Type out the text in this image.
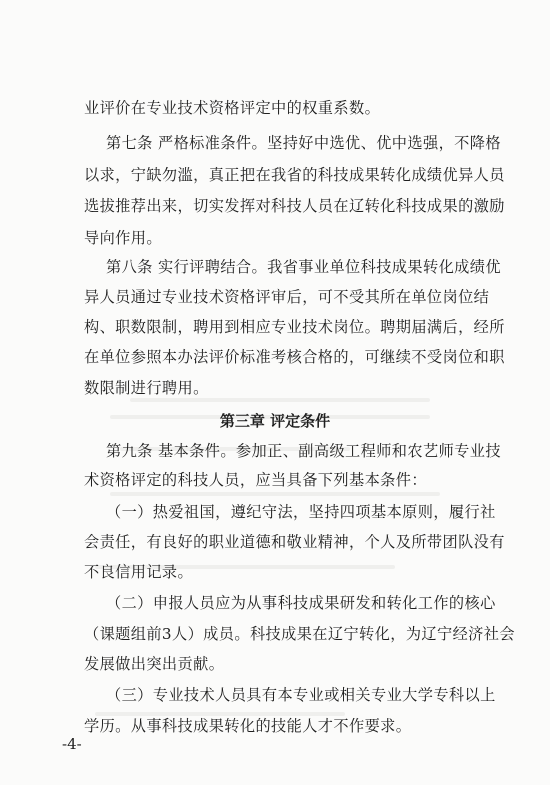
业评价在专业技术资格评定中的权重系数。
第七条 严格标准条件。坚持好中选优、优中选强，不降格
以求，宁缺勿滥，真正把在我省的科技成果转化成绩优异人员
选拔推荐出来，切实发挥对科技人员在辽转化科技成果的激励
导向作用。
第八条 实行评聘结合。我省事业单位科技成果转化成绩优
异人员通过专业技术资格评审后，可不受其所在单位岗位结
构、职数限制，聘用到相应专业技术岗位。聘期届满后，经所
在单位参照本办法评价标准考核合格的，可继续不受岗位和职
数限制进行聘用。
第三章 评定条件
第九条 基本条件。参加正、副高级工程师和农艺师专业技
术资格评定的科技人员，应当具备下列基本条件：
（一）热爱祖国，遵纪守法，坚持四项基本原则，履行社
会责任，有良好的职业道德和敬业精神，个人及所带团队没有
不良信用记录。
（二）申报人员应为从事科技成果研发和转化工作的核心
（课题组前3人）成员。科技成果在辽宁转化，为辽宁经济社会
发展做出突出贡献。
（三）专业技术人员具有本专业或相关专业大学专科以上
学历。从事科技成果转化的技能人才不作要求。
-4-
